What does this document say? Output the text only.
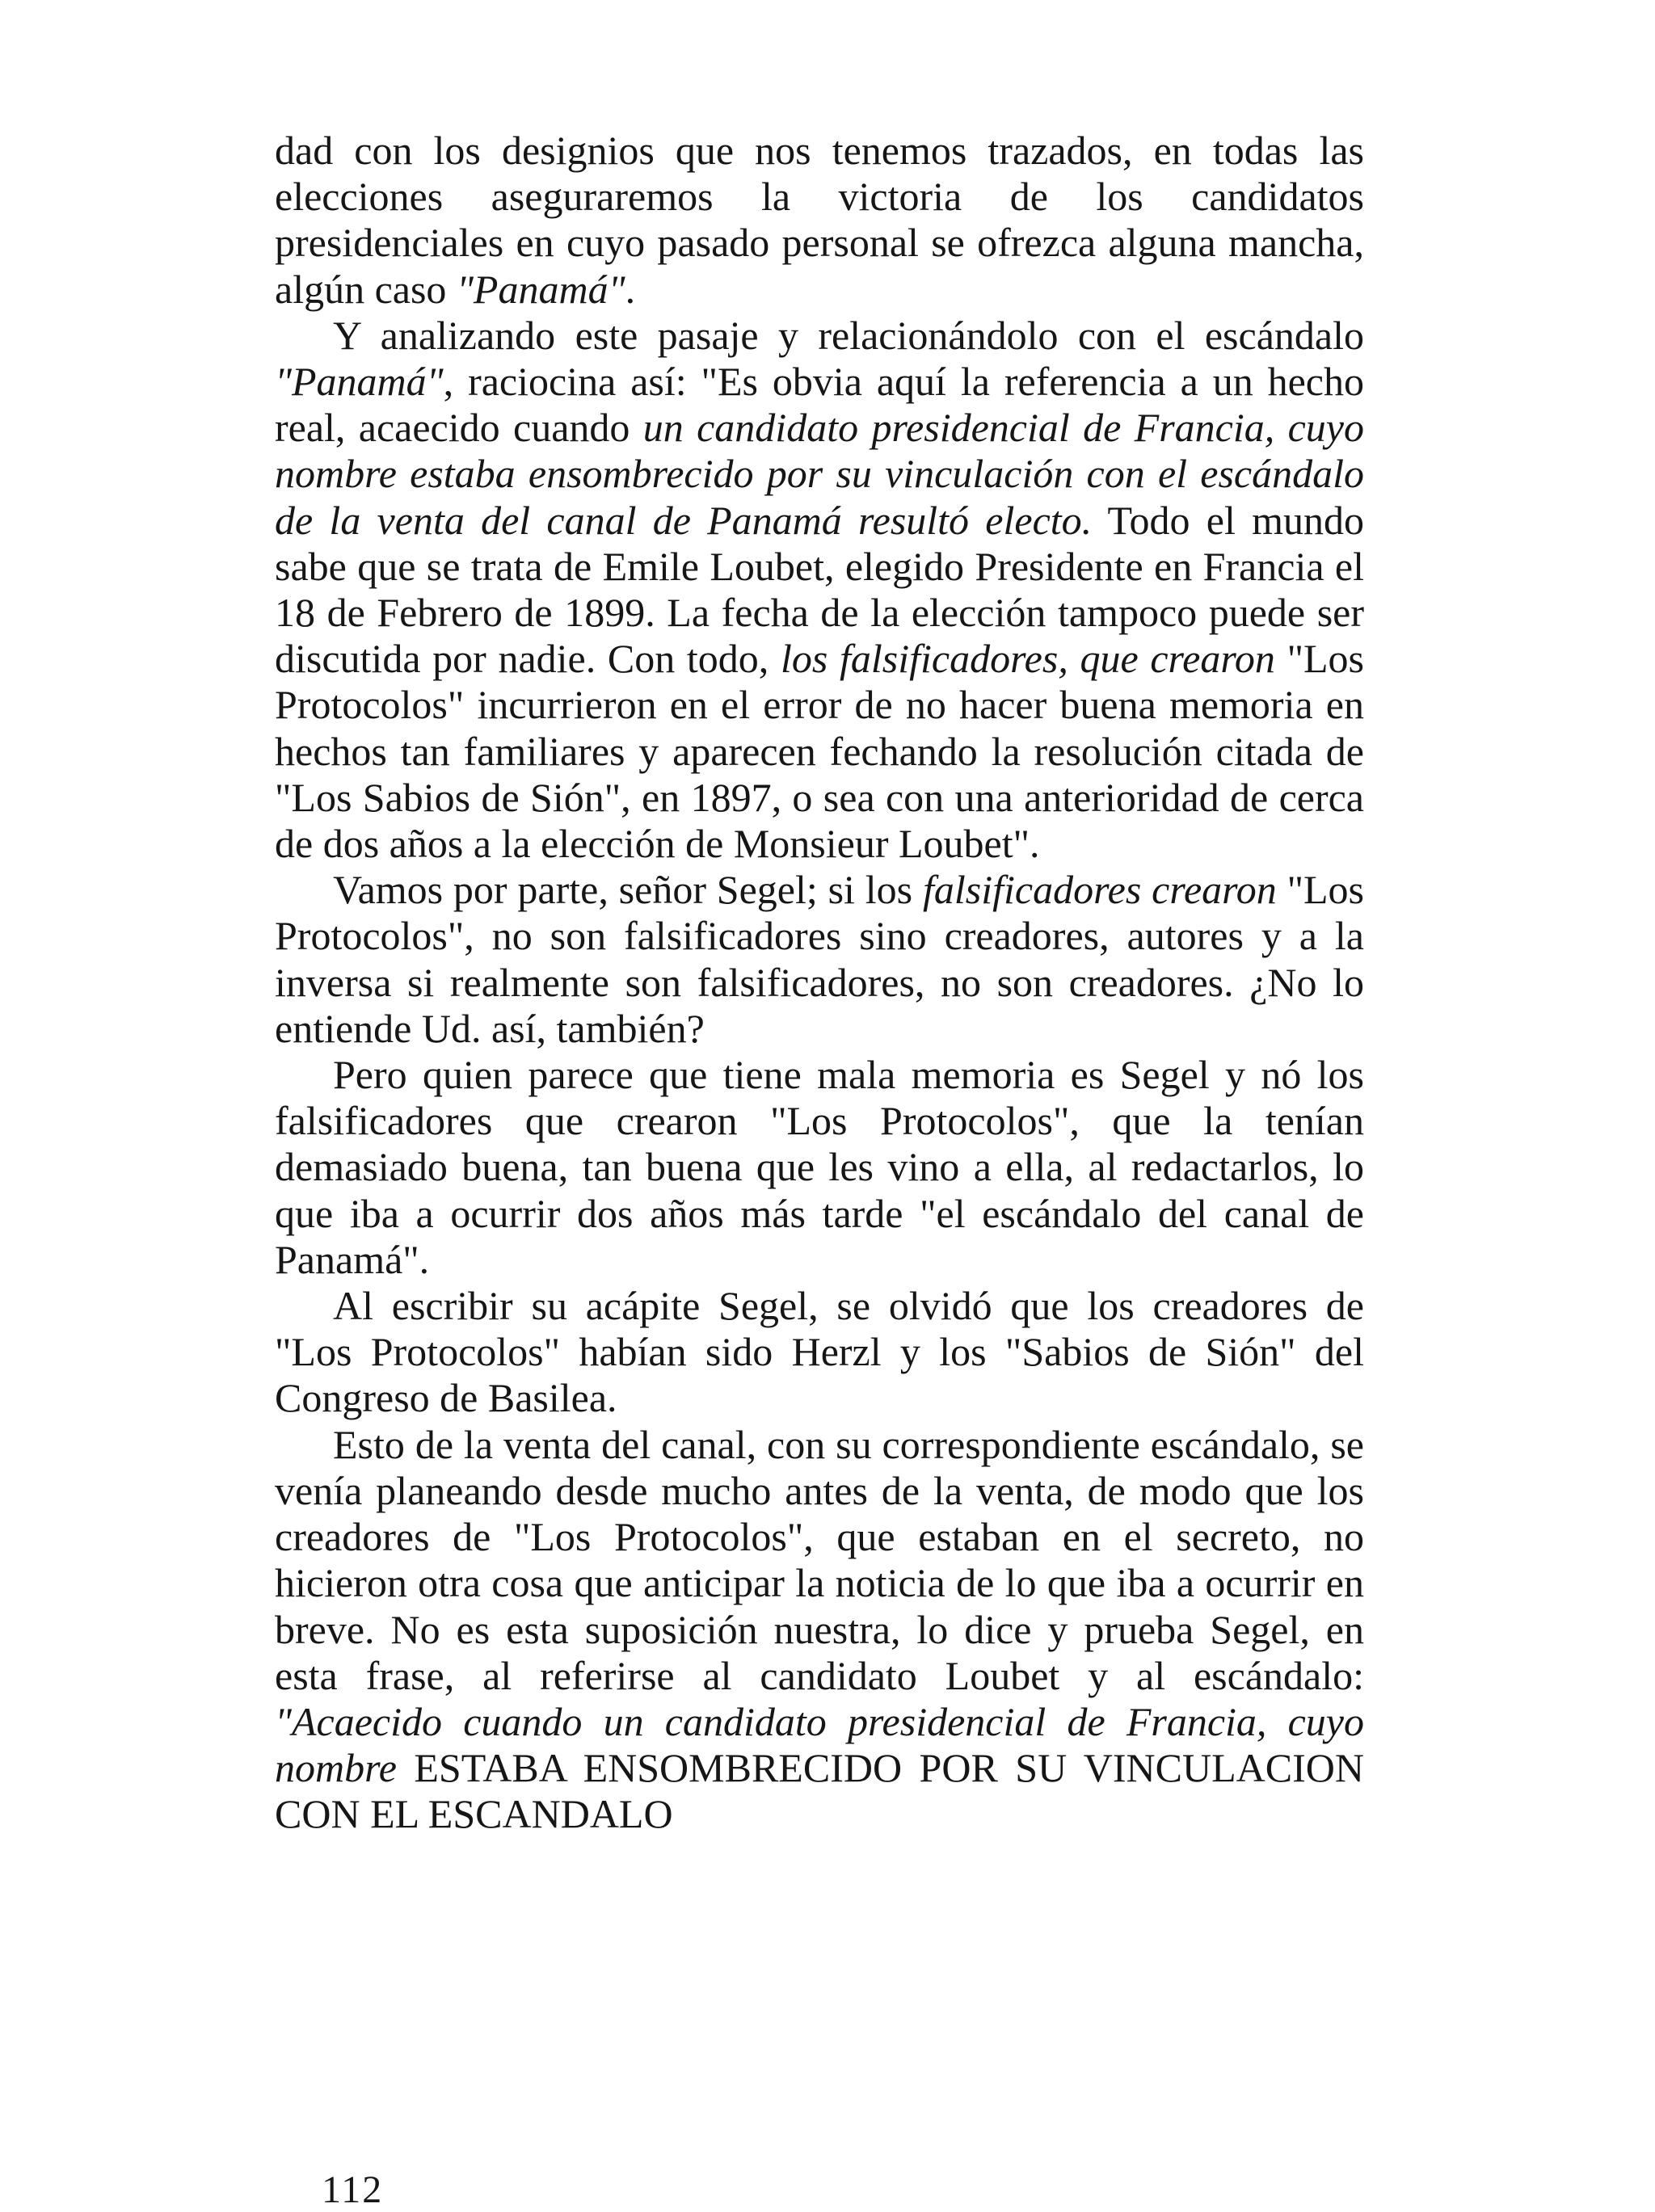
dad con los designios que nos tenemos trazados, en todas las elecciones aseguraremos la victoria de los candidatos presidenciales en cuyo pasado personal se ofrezca alguna mancha, algún caso "Panamá".

Y analizando este pasaje y relacionándolo con el escándalo "Panamá", raciocina así: "Es obvia aquí la referencia a un hecho real, acaecido cuando un candidato presidencial de Francia, cuyo nombre estaba ensombrecido por su vinculación con el escándalo de la venta del canal de Panamá resultó electo. Todo el mundo sabe que se trata de Emile Loubet, elegido Presidente en Francia el 18 de Febrero de 1899. La fecha de la elección tampoco puede ser discutida por nadie. Con todo, los falsificadores, que crearon "Los Protocolos" incurrieron en el error de no hacer buena memoria en hechos tan familiares y aparecen fechando la resolución citada de "Los Sabios de Sión", en 1897, o sea con una anterioridad de cerca de dos años a la elección de Monsieur Loubet".

Vamos por parte, señor Segel; si los falsificadores crearon "Los Protocolos", no son falsificadores sino creadores, autores y a la inversa si realmente son falsificadores, no son creadores. ¿No lo entiende Ud. así, también?

Pero quien parece que tiene mala memoria es Segel y nó los falsificadores que crearon "Los Protocolos", que la tenían demasiado buena, tan buena que les vino a ella, al redactarlos, lo que iba a ocurrir dos años más tarde "el escándalo del canal de Panamá".

Al escribir su acápite Segel, se olvidó que los creadores de "Los Protocolos" habían sido Herzl y los "Sabios de Sión" del Congreso de Basilea.

Esto de la venta del canal, con su correspondiente escándalo, se venía planeando desde mucho antes de la venta, de modo que los creadores de "Los Protocolos", que estaban en el secreto, no hicieron otra cosa que anticipar la noticia de lo que iba a ocurrir en breve. No es esta suposición nuestra, lo dice y prueba Segel, en esta frase, al referirse al candidato Loubet y al escándalo: "Acaecido cuando un candidato presidencial de Francia, cuyo nombre ESTABA ENSOMBRECIDO POR SU VINCULACION CON EL ESCANDALO

112
